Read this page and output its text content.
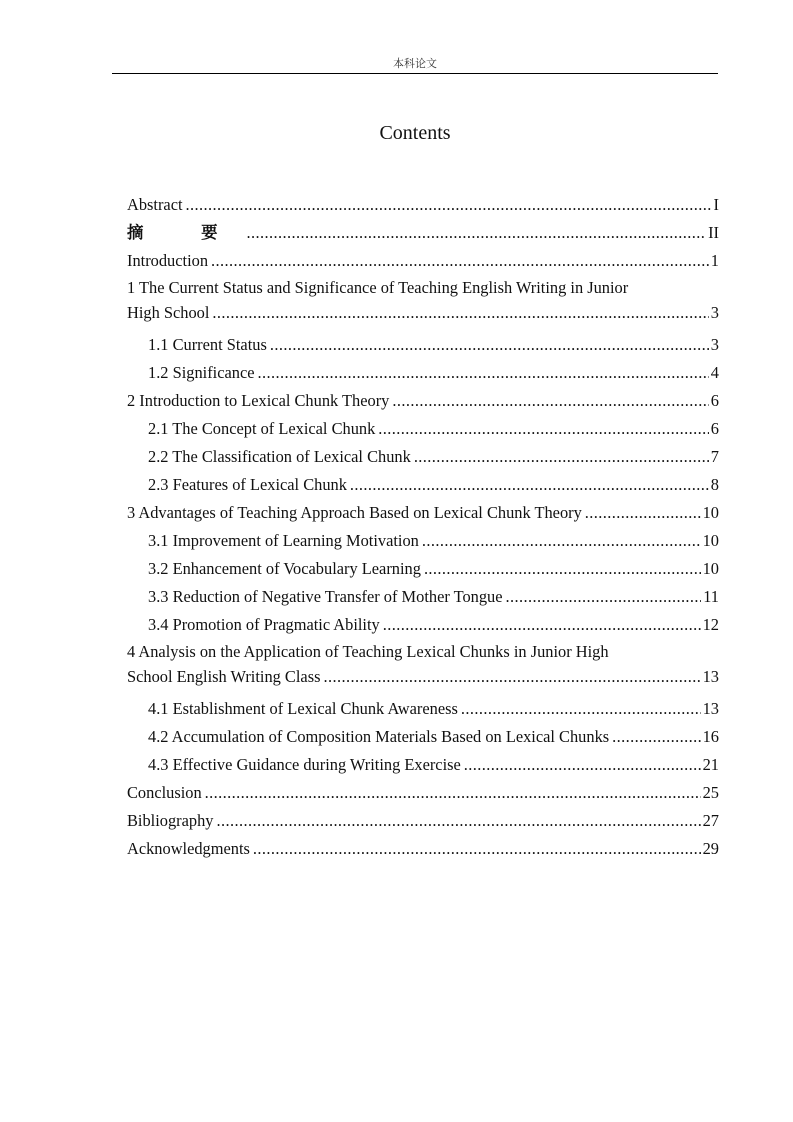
本科论文
Contents
Abstract .....	I
摘 要 .....	II
Introduction .....	1
1 The Current Status and Significance of Teaching English Writing in Junior
High School .....	3
1.1 Current Status .....	3
1.2 Significance .....	4
2 Introduction to Lexical Chunk Theory .....	6
2.1 The Concept of Lexical Chunk .....	6
2.2 The Classification of Lexical Chunk .....	7
2.3 Features of Lexical Chunk .....	8
3 Advantages of Teaching Approach Based on Lexical Chunk Theory .....	10
3.1 Improvement of Learning Motivation .....	10
3.2 Enhancement of Vocabulary Learning .....	10
3.3 Reduction of Negative Transfer of Mother Tongue .....	11
3.4 Promotion of Pragmatic Ability .....	12
4 Analysis on the Application of Teaching Lexical Chunks in Junior High
School English Writing Class .....	13
4.1 Establishment of Lexical Chunk Awareness .....	13
4.2 Accumulation of Composition Materials Based on Lexical Chunks .....	16
4.3 Effective Guidance during Writing Exercise .....	21
Conclusion .....	25
Bibliography .....	27
Acknowledgments .....	29
